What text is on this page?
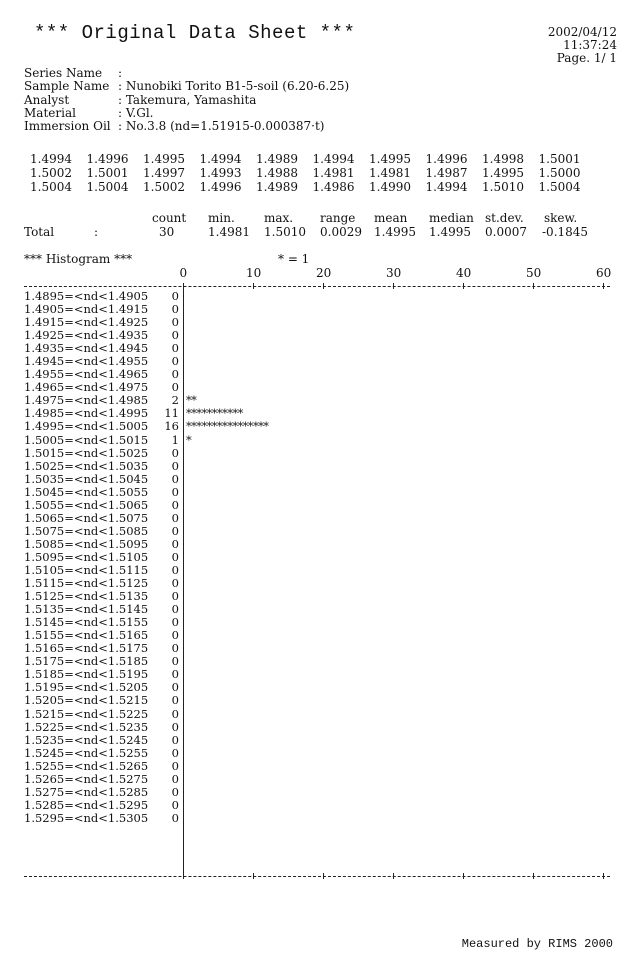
*** Original Data Sheet ***	2002/04/12
11:37:24
Page. 1/ 1
Series Name	:
Sample Name : Nunobiki Torito B1-5-soil (6.20-6.25)
Analyst	: Takemura, Yamashita
Material	: V.Gl.
Immersion Oil : No.3.8 (nd=1.51915-0.000387·t)
1.4994	1.4996	1.4995	1.4994	1.4989	1.4994	1.4995	1.4996	1.4998	1.5001
1.5002	1.5001	1.4997	1.4993	1.4988	1.4981	1.4981	1.4987	1.4995	1.5000
1.5004	1.5004	1.5002	1.4996	1.4989	1.4986	1.4990	1.4994	1.5010	1.5004
count min. max. range mean median st.dev. skew.
Total	:	30	1.4981 1.5010 0.0029 1.4995 1.4995 0.0007 -0.1845
*** Histogram ***	* = 1
0	10	20	30	40	50	60
1.4895=<nd<1.4905	0
1.4905=<nd<1.4915	0
1.4915=<nd<1.4925	0
1.4925=<nd<1.4935	0
1.4935=<nd<1.4945	0
1.4945=<nd<1.4955	0
1.4955=<nd<1.4965	0
1.4965=<nd<1.4975	0
1.4975=<nd<1.4985	2 **
1.4985=<nd<1.4995	11 ***********
1.4995=<nd<1.5005	16 ****************
1.5005=<nd<1.5015	1 *
1.5015=<nd<1.5025	0
1.5025=<nd<1.5035	0
1.5035=<nd<1.5045	0
1.5045=<nd<1.5055	0
1.5055=<nd<1.5065	0
1.5065=<nd<1.5075	0
1.5075=<nd<1.5085	0
1.5085=<nd<1.5095	0
1.5095=<nd<1.5105	0
1.5105=<nd<1.5115	0
1.5115=<nd<1.5125	0
1.5125=<nd<1.5135	0
1.5135=<nd<1.5145	0
1.5145=<nd<1.5155	0
1.5155=<nd<1.5165	0
1.5165=<nd<1.5175	0
1.5175=<nd<1.5185	0
1.5185=<nd<1.5195	0
1.5195=<nd<1.5205	0
1.5205=<nd<1.5215	0
1.5215=<nd<1.5225	0
1.5225=<nd<1.5235	0
1.5235=<nd<1.5245	0
1.5245=<nd<1.5255	0
1.5255=<nd<1.5265	0
1.5265=<nd<1.5275	0
1.5275=<nd<1.5285	0
1.5285=<nd<1.5295	0
1.5295=<nd<1.5305	0
Measured by RIMS 2000
